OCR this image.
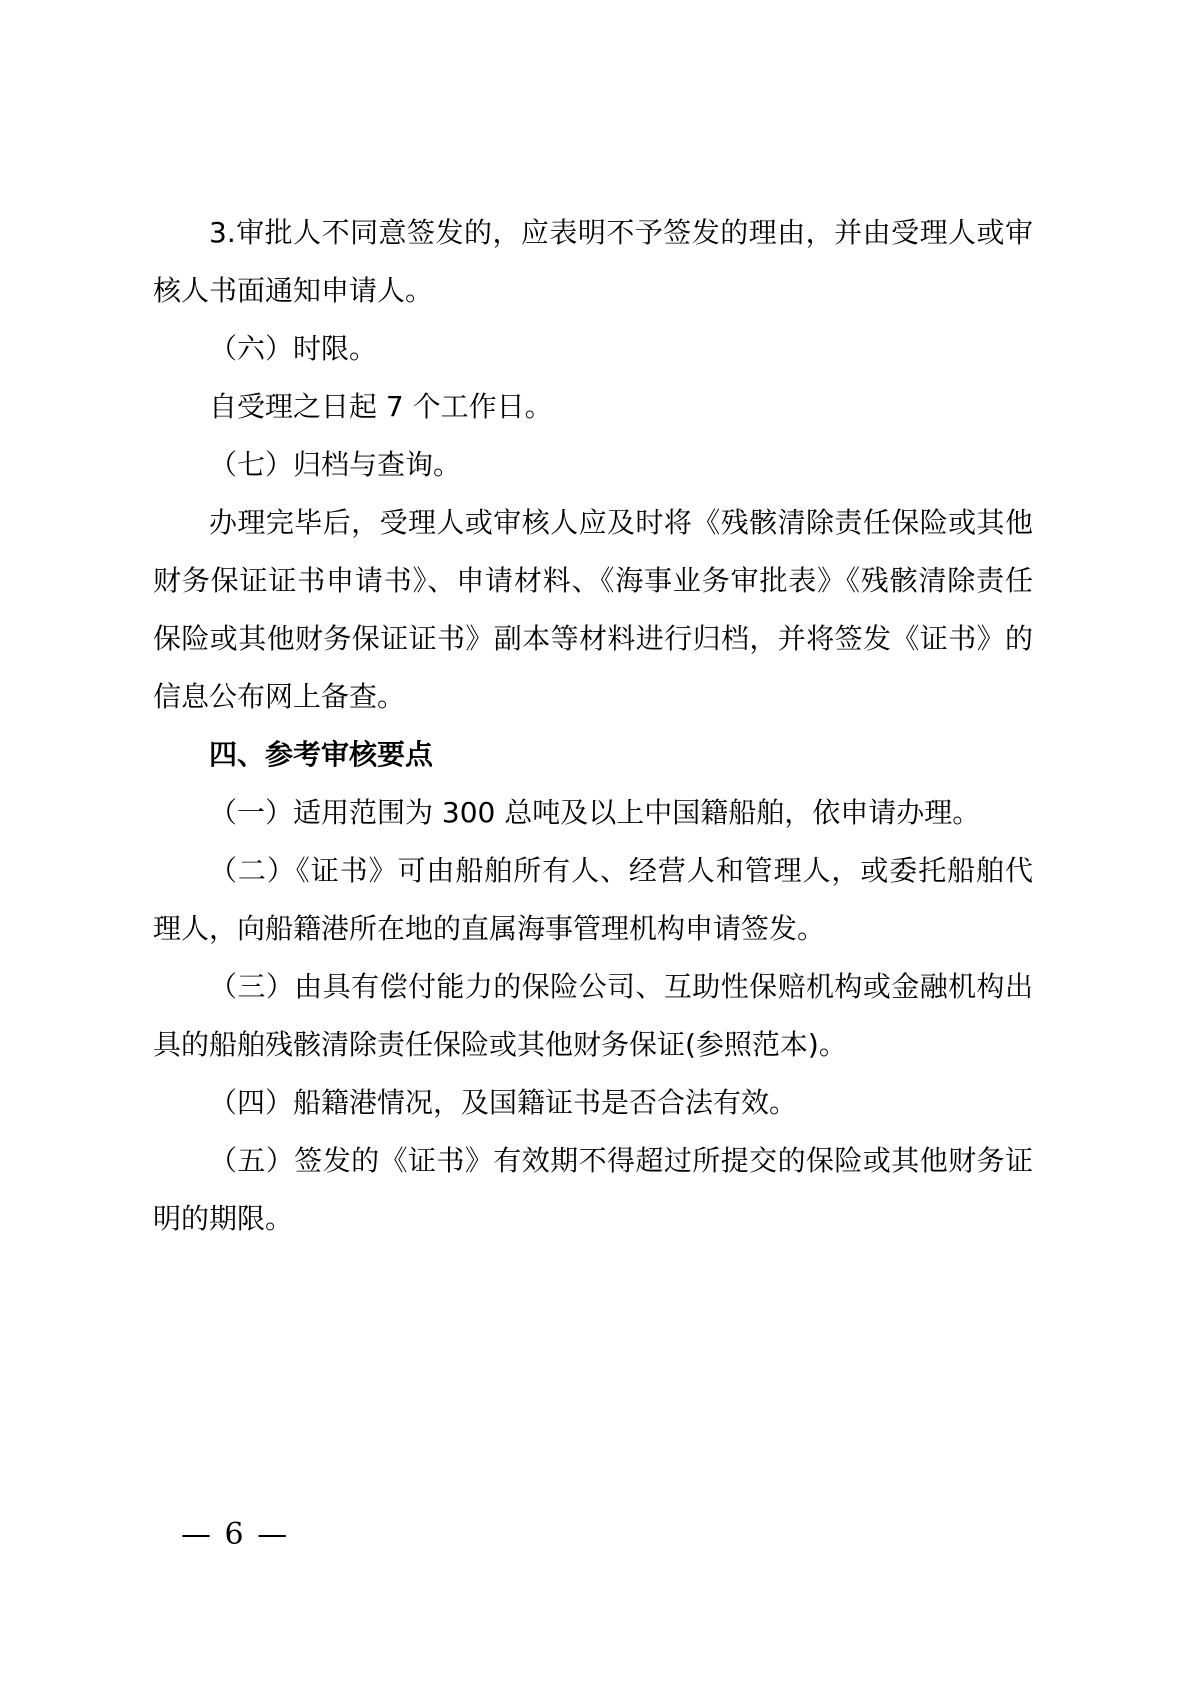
3.审批人不同意签发的，应表明不予签发的理由，并由受理人或审核人书面通知申请人。

（六）时限。

自受理之日起 7 个工作日。

（七）归档与查询。

办理完毕后，受理人或审核人应及时将《残骸清除责任保险或其他财务保证证书申请书》、申请材料、《海事业务审批表》《残骸清除责任保险或其他财务保证证书》副本等材料进行归档，并将签发《证书》的信息公布网上备查。

四、参考审核要点

（一）适用范围为 300 总吨及以上中国籍船舶，依申请办理。

（二）《证书》可由船舶所有人、经营人和管理人，或委托船舶代理人，向船籍港所在地的直属海事管理机构申请签发。

（三）由具有偿付能力的保险公司、互助性保赔机构或金融机构出具的船舶残骸清除责任保险或其他财务保证(参照范本)。

（四）船籍港情况，及国籍证书是否合法有效。

（五）签发的《证书》有效期不得超过所提交的保险或其他财务证明的期限。

— 6 —
